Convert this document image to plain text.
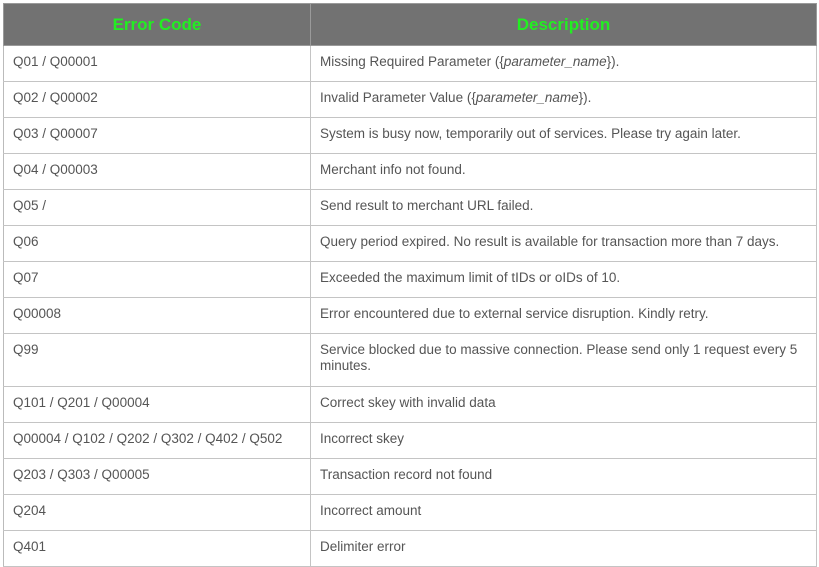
Error Code	Description
Q01 / Q00001	Missing Required Parameter ({parameter_name}).
Q02 / Q00002	Invalid Parameter Value ({parameter_name}).
Q03 / Q00007	System is busy now, temporarily out of services. Please try again later.
Q04 / Q00003	Merchant info not found.
Q05 /	Send result to merchant URL failed.
Q06	Query period expired. No result is available for transaction more than 7 days.
Q07	Exceeded the maximum limit of tIDs or oIDs of 10.
Q00008	Error encountered due to external service disruption. Kindly retry.
Q99	Service blocked due to massive connection. Please send only 1 request every 5 minutes.
Q101 / Q201 / Q00004	Correct skey with invalid data
Q00004 / Q102 / Q202 / Q302 / Q402 / Q502	Incorrect skey
Q203 / Q303 / Q00005	Transaction record not found
Q204	Incorrect amount
Q401	Delimiter error
